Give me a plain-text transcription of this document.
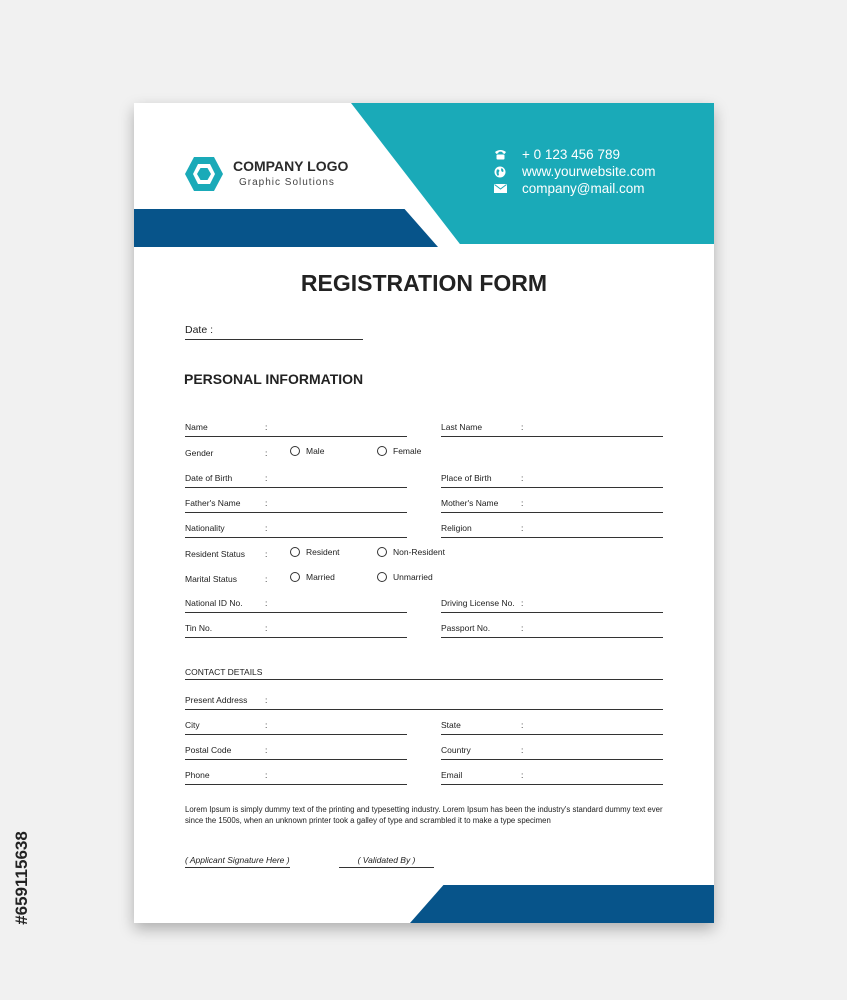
COMPANY LOGO
Graphic Solutions
+ 0 123 456 789
www.yourwebsite.com
company@mail.com
REGISTRATION FORM
Date :
PERSONAL INFORMATION
Name	:	Last Name	:
Gender	:	Male	Female
Date of Birth	:	Place of Birth	:
Father's Name	:	Mother's Name	:
Nationality	:	Religion	:
Resident Status :	Resident	Non-Resident
Marital Status	:	Married	Unmarried
National ID No.	:	Driving License No. :
Tin No.	:	Passport No.	:
CONTACT DETAILS
Present Address :
City	:	State	:
Postal Code	:	Country	:
Phone	:	Email	:
Lorem Ipsum is simply dummy text of the printing and typesetting industry. Lorem Ipsum has been the industry's standard dummy text ever since the 1500s, when an unknown printer took a galley of type and scrambled it to make a type specimen
( Applicant Signature Here )	( Validated By )
#659115638
